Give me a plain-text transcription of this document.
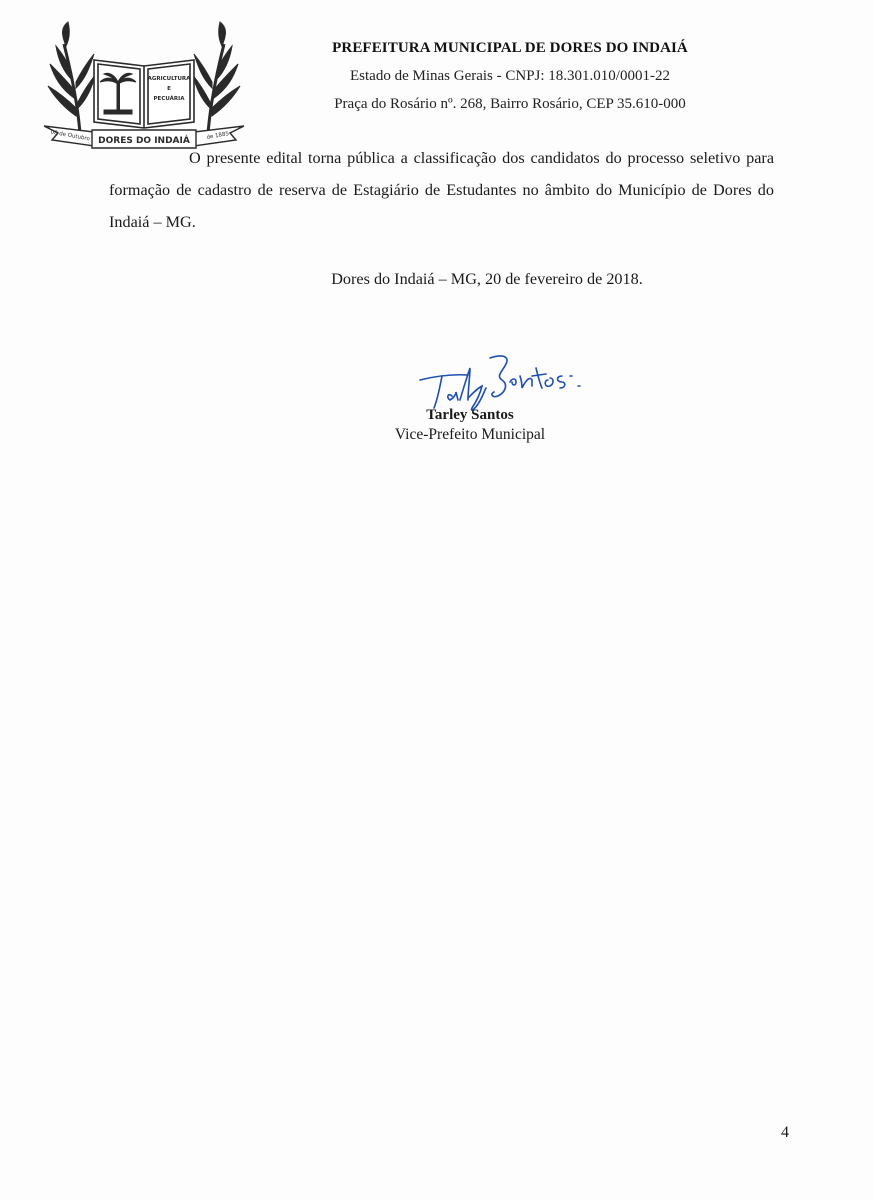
AGRICULTURA
E
PECUÁRIA
DORES DO INDAIÁ
08 de Outubro	de 1885
PREFEITURA MUNICIPAL DE DORES DO INDAIÁ
Estado de Minas Gerais - CNPJ: 18.301.010/0001-22
Praça do Rosário nº. 268, Bairro Rosário, CEP 35.610-000
O presente edital torna pública a classificação dos candidatos do processo seletivo para formação de cadastro de reserva de Estagiário de Estudantes no âmbito do Município de Dores do Indaiá – MG.
Dores do Indaiá – MG, 20 de fevereiro de 2018.
Tarley Santos
Vice-Prefeito Municipal
4
